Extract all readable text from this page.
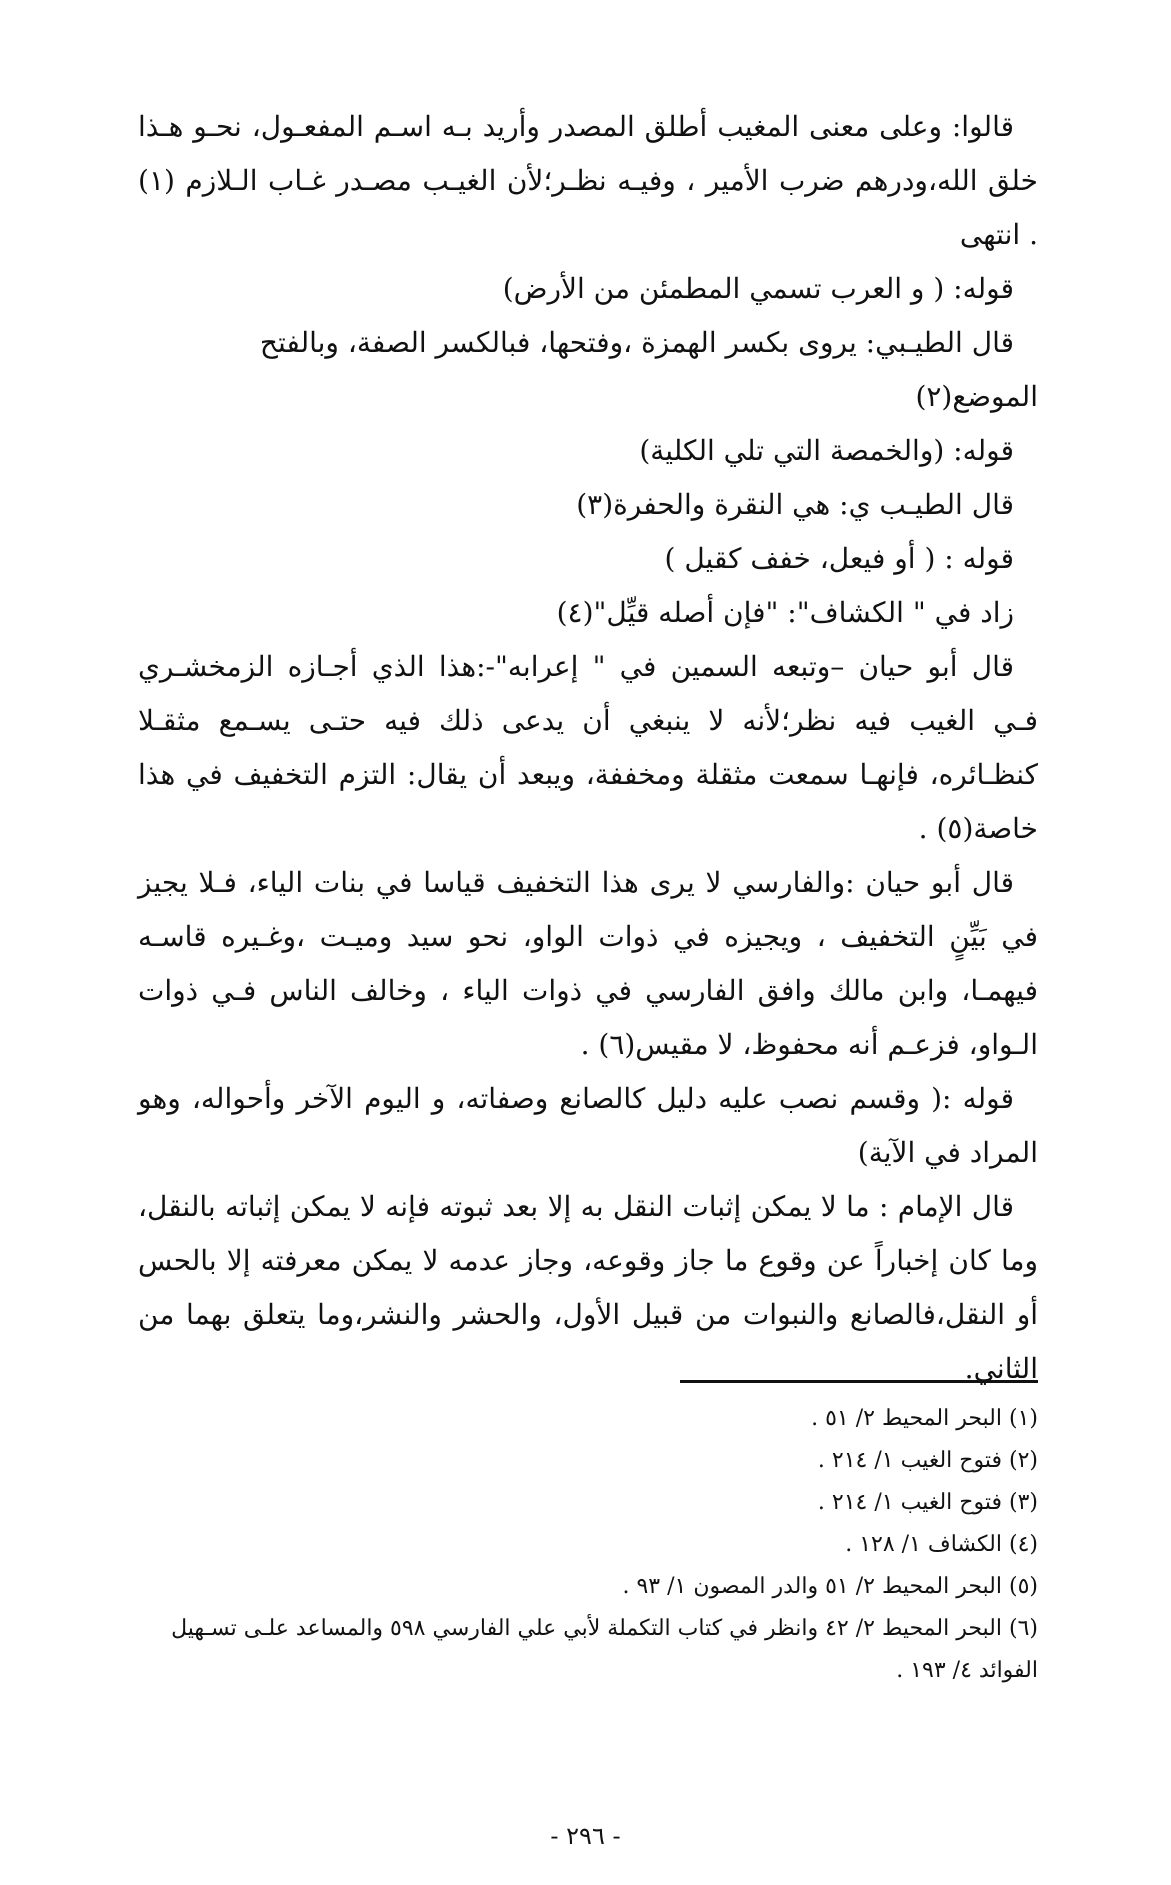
قالوا: وعلى معنى المغيب أطلق المصدر وأريد بـه اسـم المفعـول، نحـو هـذا خلق الله،ودرهم ضرب الأمير ، وفيـه نظـر؛لأن الغيـب مصـدر غـاب الـلازم (١) . انتهى

قوله: ( و العرب تسمي المطمئن من الأرض)

قال الطيـبي: يروى بكسر الهمزة ،وفتحها، فبالكسر الصفة، وبالفتح الموضع(٢)

قوله: (والخمصة التي تلي الكلية)

قال الطيـب ي: هي النقرة والحفرة(٣)

قوله : ( أو فيعل، خفف كقيل )

زاد في " الكشاف": "فإن أصله قيِّل"(٤)

قال أبو حيان –وتبعه السمين في " إعرابه"-:هذا الذي أجـازه الزمخشـري فـي الغيب فيه نظر؛لأنه لا ينبغي أن يدعى ذلك فيه حتـى يسـمع مثقـلا كنظـائره، فإنهـا سمعت مثقلة ومخففة، ويبعد أن يقال: التزم التخفيف في هذا خاصة(٥) .

قال أبو حيان :والفارسي لا يرى هذا التخفيف قياسا في بنات الياء، فـلا يجيز في بَيِّنٍ التخفيف ، ويجيزه في ذوات الواو، نحو سيد وميـت ،وغـيره قاسـه فيهمـا، وابن مالك وافق الفارسي في ذوات الياء ، وخالف الناس فـي ذوات الـواو، فزعـم أنه محفوظ، لا مقيس(٦) .

قوله :( وقسم نصب عليه دليل كالصانع وصفاته، و اليوم الآخر وأحواله، وهو المراد في الآية)

قال الإمام : ما لا يمكن إثبات النقل به إلا بعد ثبوته فإنه لا يمكن إثباته بالنقل، وما كان إخباراً عن وقوع ما جاز وقوعه، وجاز عدمه لا يمكن معرفته إلا بالحس أو النقل،فالصانع والنبوات من قبيل الأول، والحشر والنشر،وما يتعلق بهما من الثاني.

(١) البحر المحيط ٢/ ٥١ .

(٢) فتوح الغيب ١/ ٢١٤ .

(٣) فتوح الغيب ١/ ٢١٤ .

(٤) الكشاف ١/ ١٢٨ .

(٥) البحر المحيط ٢/ ٥١ والدر المصون ١/ ٩٣ .

(٦) البحر المحيط ٢/ ٤٢ وانظر في كتاب التكملة لأبي علي الفارسي ٥٩٨ والمساعد علـى تسـهيل الفوائد ٤/ ١٩٣ .

- ٢٩٦ -
